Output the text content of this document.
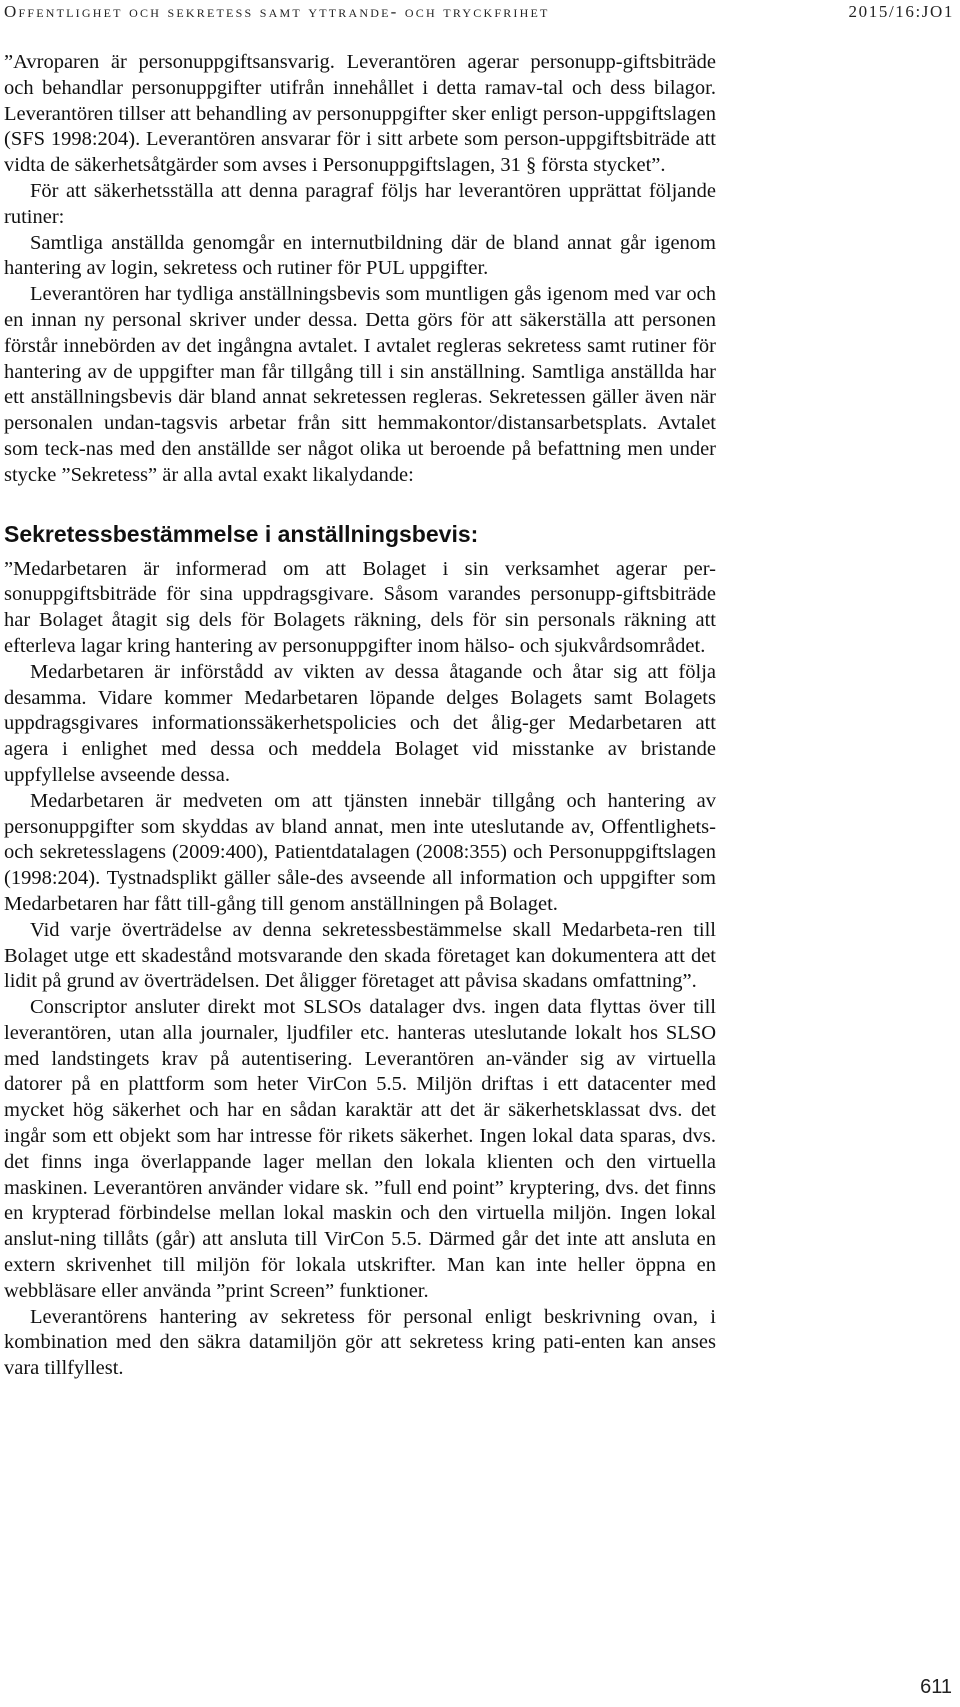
Offentlighet och sekretess samt yttrande- och tryckfrihet	2015/16:JO1

”Avroparen är personuppgiftsansvarig. Leverantören agerar personupp-giftsbiträde och behandlar personuppgifter utifrån innehållet i detta ramav-tal och dess bilagor. Leverantören tillser att behandling av personuppgifter sker enligt person-uppgiftslagen (SFS 1998:204). Leverantören ansvarar för i sitt arbete som person-uppgiftsbiträde att vidta de säkerhetsåtgärder som avses i Personuppgiftslagen, 31 § första stycket”.

För att säkerhetsställa att denna paragraf följs har leverantören upprättat följande rutiner:

Samtliga anställda genomgår en internutbildning där de bland annat går igenom hantering av login, sekretess och rutiner för PUL uppgifter.

Leverantören har tydliga anställningsbevis som muntligen gås igenom med var och en innan ny personal skriver under dessa. Detta görs för att säkerställa att personen förstår innebörden av det ingångna avtalet. I avtalet regleras sekretess samt rutiner för hantering av de uppgifter man får tillgång till i sin anställning. Samtliga anställda har ett anställningsbevis där bland annat sekretessen regleras. Sekretessen gäller även när personalen undan-tagsvis arbetar från sitt hemmakontor/distansarbetsplats. Avtalet som teck-nas med den anställde ser något olika ut beroende på befattning men under stycke ”Sekretess” är alla avtal exakt likalydande:

Sekretessbestämmelse i anställningsbevis:

”Medarbetaren är informerad om att Bolaget i sin verksamhet agerar per-sonuppgiftsbiträde för sina uppdragsgivare. Såsom varandes personupp-giftsbiträde har Bolaget åtagit sig dels för Bolagets räkning, dels för sin personals räkning att efterleva lagar kring hantering av personuppgifter inom hälso- och sjukvårdsområdet.

Medarbetaren är införstådd av vikten av dessa åtagande och åtar sig att följa desamma. Vidare kommer Medarbetaren löpande delges Bolagets samt Bolagets uppdragsgivares informationssäkerhetspolicies och det ålig-ger Medarbetaren att agera i enlighet med dessa och meddela Bolaget vid misstanke av bristande uppfyllelse avseende dessa.

Medarbetaren är medveten om att tjänsten innebär tillgång och hantering av personuppgifter som skyddas av bland annat, men inte uteslutande av, Offentlighets- och sekretesslagens (2009:400), Patientdatalagen (2008:355) och Personuppgiftslagen (1998:204). Tystnadsplikt gäller såle-des avseende all information och uppgifter som Medarbetaren har fått till-gång till genom anställningen på Bolaget.

Vid varje överträdelse av denna sekretessbestämmelse skall Medarbeta-ren till Bolaget utge ett skadestånd motsvarande den skada företaget kan dokumentera att det lidit på grund av överträdelsen. Det åligger företaget att påvisa skadans omfattning”.

Conscriptor ansluter direkt mot SLSOs datalager dvs. ingen data flyttas över till leverantören, utan alla journaler, ljudfiler etc. hanteras uteslutande lokalt hos SLSO med landstingets krav på autentisering. Leverantören an-vänder sig av virtuella datorer på en plattform som heter VirCon 5.5. Miljön driftas i ett datacenter med mycket hög säkerhet och har en sådan karaktär att det är säkerhetsklassat dvs. det ingår som ett objekt som har intresse för rikets säkerhet. Ingen lokal data sparas, dvs. det finns inga överlappande lager mellan den lokala klienten och den virtuella maskinen. Leverantören använder vidare sk. ”full end point” kryptering, dvs. det finns en krypterad förbindelse mellan lokal maskin och den virtuella miljön. Ingen lokal anslut-ning tillåts (går) att ansluta till VirCon 5.5. Därmed går det inte att ansluta en extern skrivenhet till miljön för lokala utskrifter. Man kan inte heller öppna en webbläsare eller använda ”print Screen” funktioner.

Leverantörens hantering av sekretess för personal enligt beskrivning ovan, i kombination med den säkra datamiljön gör att sekretess kring pati-enten kan anses vara tillfyllest.

611
